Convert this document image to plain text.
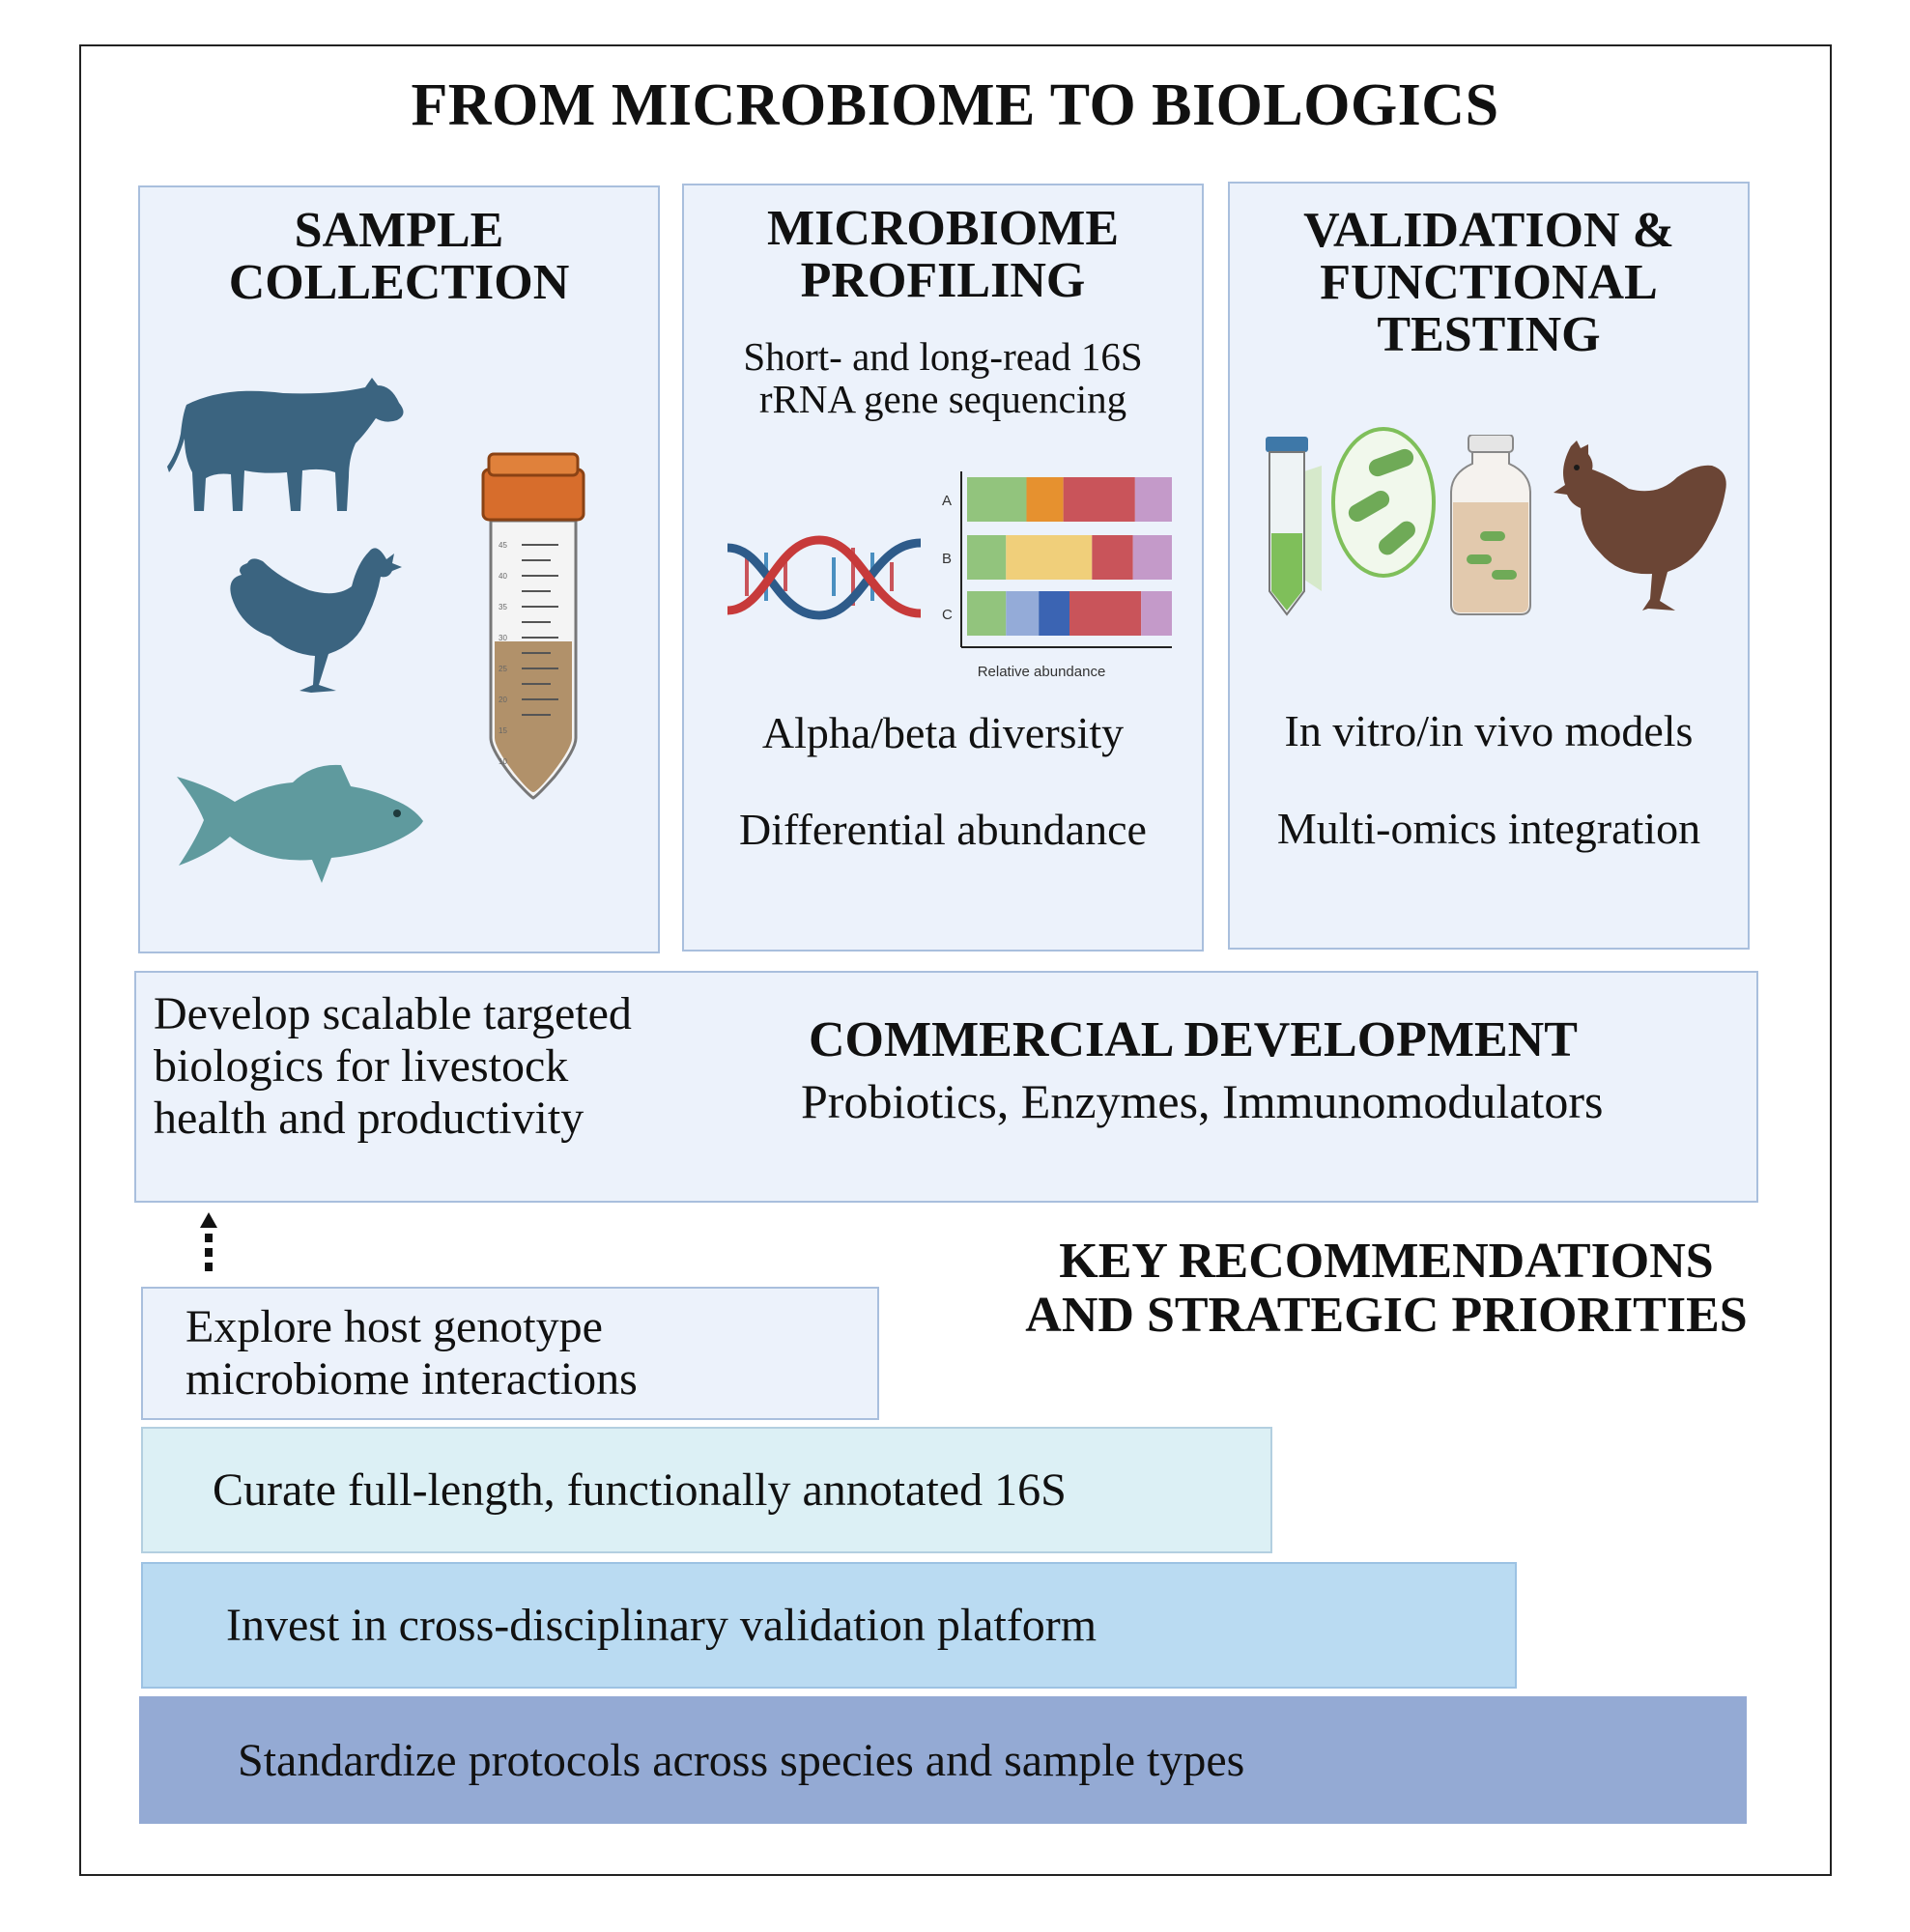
FROM MICROBIOME TO BIOLOGICS
SAMPLE
COLLECTION
45
40
35
30
25
20
15
10
MICROBIOME
PROFILING
Short- and long-read 16S
rRNA gene sequencing
Relative abundance
A
B
C
Alpha/beta diversity
Differential abundance
VALIDATION &
FUNCTIONAL
TESTING
In vitro/in vivo models
Multi-omics integration
Develop scalable targeted
biologics for livestock
health and productivity
COMMERCIAL DEVELOPMENT
Probiotics, Enzymes, Immunomodulators
KEY RECOMMENDATIONS
AND STRATEGIC PRIORITIES
Explore host genotype
microbiome interactions
Curate full-length, functionally annotated 16S
Invest in cross-disciplinary validation platform
Standardize protocols across species and sample types
